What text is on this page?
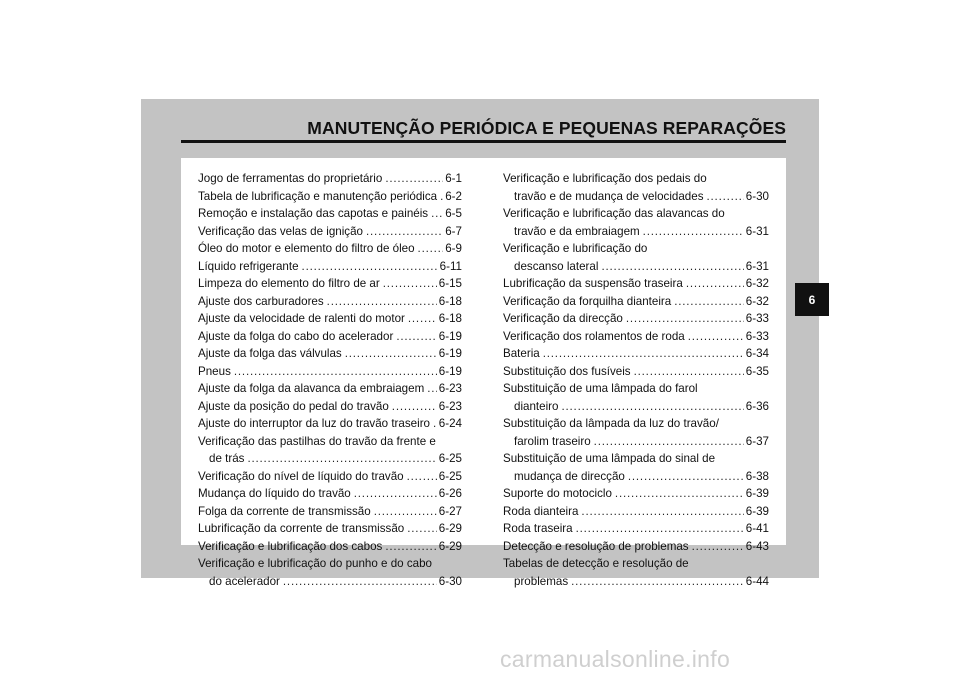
MANUTENÇÃO PERIÓDICA E PEQUENAS REPARAÇÕES
Jogo de ferramentas do proprietário .....	6-1
Tabela de lubrificação e manutenção periódica ..... 6-2
Remoção e instalação das capotas e painéis ..... 6-5
Verificação das velas de ignição .....	6-7
Óleo do motor e elemento do filtro de óleo .....	6-9
Líquido refrigerante .....	6-11
Limpeza do elemento do filtro de ar .....	6-15
Ajuste dos carburadores .....	6-18
Ajuste da velocidade de ralenti do motor .....	6-18
Ajuste da folga do cabo do acelerador .....	6-19
Ajuste da folga das válvulas .....	6-19
Pneus .....	6-19
Ajuste da folga da alavanca da embraiagem ..... 6-23
Ajuste da posição do pedal do travão .....	6-23
Ajuste do interruptor da luz do travão traseiro ..... 6-24
Verificação das pastilhas do travão da frente e
de trás .....	6-25
Verificação do nível de líquido do travão .....	6-25
Mudança do líquido do travão .....	6-26
Folga da corrente de transmissão .....	6-27
Lubrificação da corrente de transmissão .....	6-29
Verificação e lubrificação dos cabos .....	6-29
Verificação e lubrificação do punho e do cabo
do acelerador .....	6-30
Verificação e lubrificação dos pedais do
travão e de mudança de velocidades .....	6-30
Verificação e lubrificação das alavancas do
travão e da embraiagem .....	6-31
Verificação e lubrificação do
descanso lateral .....	6-31
Lubrificação da suspensão traseira .....	6-32
Verificação da forquilha dianteira .....	6-32
Verificação da direcção .....	6-33
Verificação dos rolamentos de roda .....	6-33
Bateria .....	6-34
Substituição dos fusíveis .....	6-35
Substituição de uma lâmpada do farol
dianteiro .....	6-36
Substituição da lâmpada da luz do travão/
farolim traseiro .....	6-37
Substituição de uma lâmpada do sinal de
mudança de direcção .....	6-38
Suporte do motociclo .....	6-39
Roda dianteira .....	6-39
Roda traseira .....	6-41
Detecção e resolução de problemas .....	6-43
Tabelas de detecção e resolução de
problemas .....	6-44
6
carmanualsonline.info
